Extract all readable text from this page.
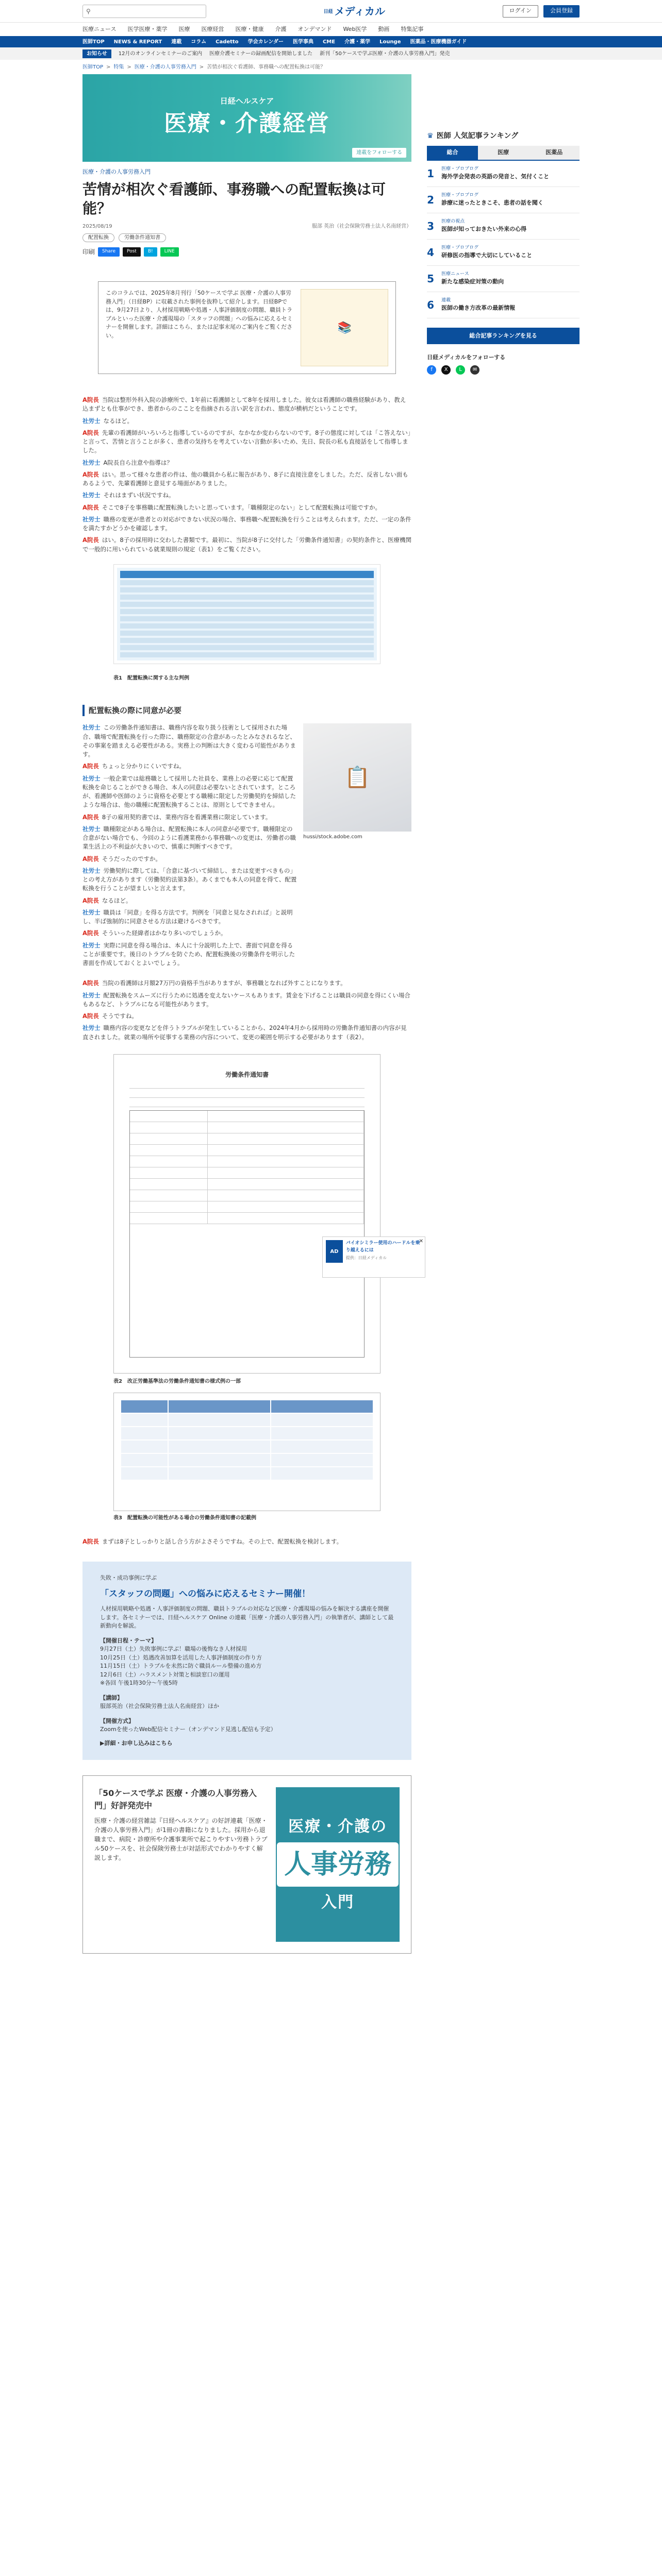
⚲	日経 メディカル	ログイン	会員登録
医療ニュース 医学医療・薬学 医療 医療経営 医療・健康 介護 オンデマンド Web医学 動画 特集記事
医師TOP NEWS & REPORT 連載 コラム Cadetto 学会カレンダー 医学事典 CME 介護・薬学 Lounge 医薬品・医療機器ガイド
お知らせ	12月のオンラインセミナーのご案内 医療介護セミナーの録画配信を開始しました 新刊「50ケースで学ぶ医療・介護の人事労務入門」発売
医師TOP > 特集 > 医療・介護の人事労務入門 > 苦情が相次ぐ看護師、事務職への配置転換は可能？
日経ヘルスケア
医療・介護経営
連載をフォローする
医療・介護の人事労務入門
苦情が相次ぐ看護師、事務職への配置転換は可能？
2025/08/19	服部 英治（社会保険労務士法人名南経営）
配置転換	労働条件通知書
印刷	Share	Post	B!	LINE

このコラムでは、2025年8月刊行「50ケースで学ぶ 医療・介護の人事労務入門」（日経BP）に収載された事例を抜粋して紹介します。日経BPでは、9月27日より、人材採用戦略や処遇・人事評価制度の問題、職員トラブルといった医療・介護現場の「スタッフの問題」への悩みに応えるセミナーを開催します。詳細はこちら、または記事末尾のご案内をご覧ください。

📚

A院長 当院は整形外科入院の診療所で、1年前に看護師として8年を採用しました。彼女は看護師の職務経験があり、教え込まずとも仕事ができ、患者からのこことを指摘される言い訳を言われ、態度が横柄だということです。

社労士 なるほど。

A院長 先輩の看護師がいろいろと指導しているのですが、なかなか変わらないのです。8子の態度に対しては「こ答えない」と言って、苦情と言うことが多く、患者の気持ちを考えていない言動が多いため、先日、院長の私も直接話をして指導しました。

社労士 A院長自ら注意や指導は？

A院長 はい。思って様々な患者の件は、他の職員から私に報告があり、8子に直接注意をしました。ただ、反省しない面もあるようで、先輩看護師と意見する場面がありました。

社労士 それはまずい状況ですね。

A院長 そこで8子を事務職に配置転換したいと思っています。「職種限定のない」として配置転換は可能ですか。

社労士 職務の変更が患者との対応ができない状況の場合、事務職へ配置転換を行うことは考えられます。ただ、一定の条件を満たすかどうかを確認します。

A院長 はい。8子の採用時に交わした書類です。最初に、当院が8子に交付した「労働条件通知書」の契約条件と、医療機関で一般的に用いられている就業規則の規定（表1）をご覧ください。

表1　配置転換に関する主な判例
配置転換の際に同意が必要

社労士 この労働条件通知書は、職務内容を取り扱う技術として採用された場合、職場で配置転換を行った際に、職務限定の合意があったとみなされるなど、その事案を踏まえる必要性がある。実務上の判断は大きく変わる可能性があります。

A院長 ちょっと分かりにくいですね。

社労士 一般企業では総務職として採用した社員を、業務上の必要に応じて配置転換を命じることができる場合、本人の同意は必要ないとされています。ところが、看護師や医師のように資格を必要とする職種に限定した労働契約を締結したような場合は、他の職種に配置転換することは、原則としてできません。

A院長 8子の雇用契約書では、業務内容を看護業務に限定しています。

社労士 職種限定がある場合は、配置転換に本人の同意が必要です。職種限定の合意がない場合でも、今回のように看護業務から事務職への変更は、労働者の職業生活上の不利益が大きいので、慎重に判断すべきです。

A院長 そうだったのですか。

社労士 労働契約に際しては、「合意に基づいて締結し、または変更すべきもの」との考え方があります（労働契約法第3条）。あくまでも本人の同意を得て、配置転換を行うことが望ましいと言えます。

A院長 なるほど。

社労士 職員は「同意」を得る方法です。判例を「同意と見なされれば」と説明し、半ば強制的に同意させる方法は避けるべきです。

A院長 そういった経緯者はかなり多いのでしょうか。

社労士 実際に同意を得る場合は、本人に十分説明した上で、書面で同意を得ることが重要です。後日のトラブルを防ぐため、配置転換後の労働条件を明示した書面を作成しておくとよいでしょう。

📋
hussi/stock.adobe.com

A院長 当院の看護師は月額27万円の資格手当がありますが、事務職となれば外すことになります。

社労士 配置転換をスムーズに行うために処遇を変えないケースもあります。賃金を下げることは職員の同意を得にくい場合もあるなど、トラブルになる可能性があります。

A院長 そうですね。

社労士 職務内容の変更などを伴うトラブルが発生していることから、2024年4月から採用時の労働条件通知書の内容が見直されました。就業の場所や従事する業務の内容について、変更の範囲を明示する必要があります（表2）。

労働条件通知書
表2　改正労働基準法の労働条件通知書の様式例の一部
表3　配置転換の可能性がある場合の労働条件通知書の記載例

A院長 まずは8子としっかりと話し合う方がよさそうですね。その上で、配置転換を検討します。

失敗・成功事例に学ぶ
「スタッフの問題」への悩みに応えるセミナー開催！
人材採用戦略や処遇・人事評価制度の問題、職員トラブルの対応など医療・介護現場の悩みを解決する講座を開催します。各セミナーでは、日経ヘルスケア Online の連載「医療・介護の人事労務入門」の執筆者が、講師として最新動向を解説。
【開催日程・テーマ】
9月27日（土）失敗事例に学ぶ！職場の後悔なき人材採用
10月25日（土）処遇改善加算を活用した人事評価制度の作り方
11月15日（土）トラブルを未然に防ぐ職員ルール整備の進め方
12月6日（土）ハラスメント対策と相談窓口の運用
※各回 午後1時30分～午後5時
【講師】
服部英治（社会保険労務士法人名南経営）ほか
【開催方式】
Zoomを使ったWeb配信セミナー（オンデマンド見逃し配信も予定）
▶詳細・お申し込みはこちら
「50ケースで学ぶ 医療・介護の人事労務入門」好評発売中
医療・介護の経営雑誌『日経ヘルスケア』の好評連載「医療・介護の人事労務入門」が1冊の書籍になりました。採用から退職まで、病院・診療所や介護事業所で起こりやすい労務トラブル50ケースを、社会保険労務士が対話形式でわかりやすく解説します。
医療・介護の
人事労務
入門
♛ 医師 人気記事ランキング
総合	医療	医薬品
1	医療・プロブログ
海外学会発表の英語の発音と、気付くこと
2	医療・プロブログ
診療に迷ったときこそ、患者の話を聞く
3	医療の視点
医師が知っておきたい外来の心得
4	医療・プロブログ
研修医の指導で大切にしていること
5	医療ニュース
新たな感染症対策の動向
6	連載
医師の働き方改革の最新情報
総合記事ランキングを見る
日経メディカルをフォローする
f	X	L	✉
AD
バイオシミラー使用のハードルを乗り越えるには
提供：日経メディカル
✕
